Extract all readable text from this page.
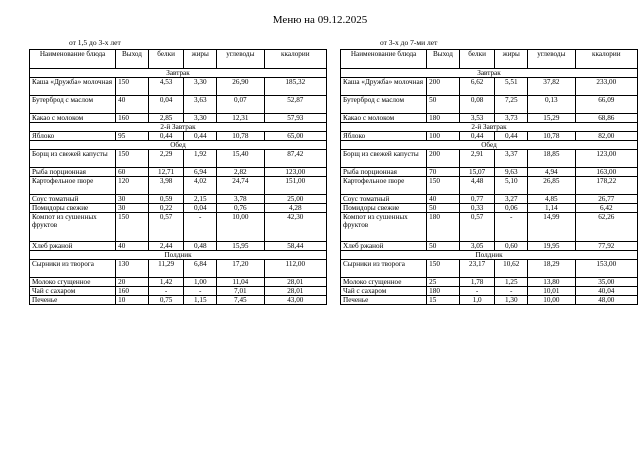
Меню на 09.12.2025
от 1,5 до 3-х лет
Наименование блюда	Выход	белки	жиры	углеводы	ккалории
Завтрак					
Каша «Дружба» молочная	150	4,53	3,30	26,90	185,32
Бутерброд с маслом	40	0,04	3,63	0,07	52,87
Какао с молоком	160	2,85	3,30	12,31	57,93
2-й Завтрак					
Яблоко	95	0,44	0,44	10,78	65,00
Обед					
Борщ из свежей капусты	150	2,29	1,92	15,40	87,42
Рыба порционная	60	12,71	6,94	2,82	123,00
Картофельное пюре	120	3,98	4,02	24,74	151,00
Соус томатный	30	0,59	2,15	3,78	25,00
Помидоры свежие	30	0,22	0,04	0,76	4,28
Компот из сушенных фруктов	150	0,57	-	10,00	42,30
Хлеб ржаной	40	2,44	0,48	15,95	58,44
Полдник					
Сырники из творога	130	11,29	6,84	17,20	112,00
Молоко сгущенное	20	1,42	1,00	11,04	28,01
Чай с сахаром	160	-	-	7,01	28,01
Печенье	10	0,75	1,15	7,45	43,00
от 3-х до 7-ми лет
Наименование блюда	Выход	белки	жиры	углеводы	ккалории
Завтрак					
Каша «Дружба» молочная	200	6,62	5,51	37,82	233,00
Бутерброд с маслом	50	0,08	7,25	0,13	66,09
Какао с молоком	180	3,53	3,73	15,29	68,86
2-й Завтрак					
Яблоко	100	0,44	0,44	10,78	82,00
Обед					
Борщ из свежей капусты	200	2,91	3,37	18,85	123,00
Рыба порционная	70	15,07	9,63	4,94	163,00
Картофельное пюре	150	4,48	5,10	26,85	178,22
Соус томатный	40	0,77	3,27	4,85	26,77
Помидоры свежие	50	0,33	0,06	1,14	6,42
Компот из сушенных фруктов	180	0,57	-	14,99	62,26
Хлеб ржаной	50	3,05	0,60	19,95	77,92
Полдник					
Сырники из творога	150	23,17	10,62	18,29	153,00
Молоко сгущенное	25	1,78	1,25	13,80	35,00
Чай с сахаром	180	-	-	10,01	40,04
Печенье	15	1,0	1,30	10,00	48,00
